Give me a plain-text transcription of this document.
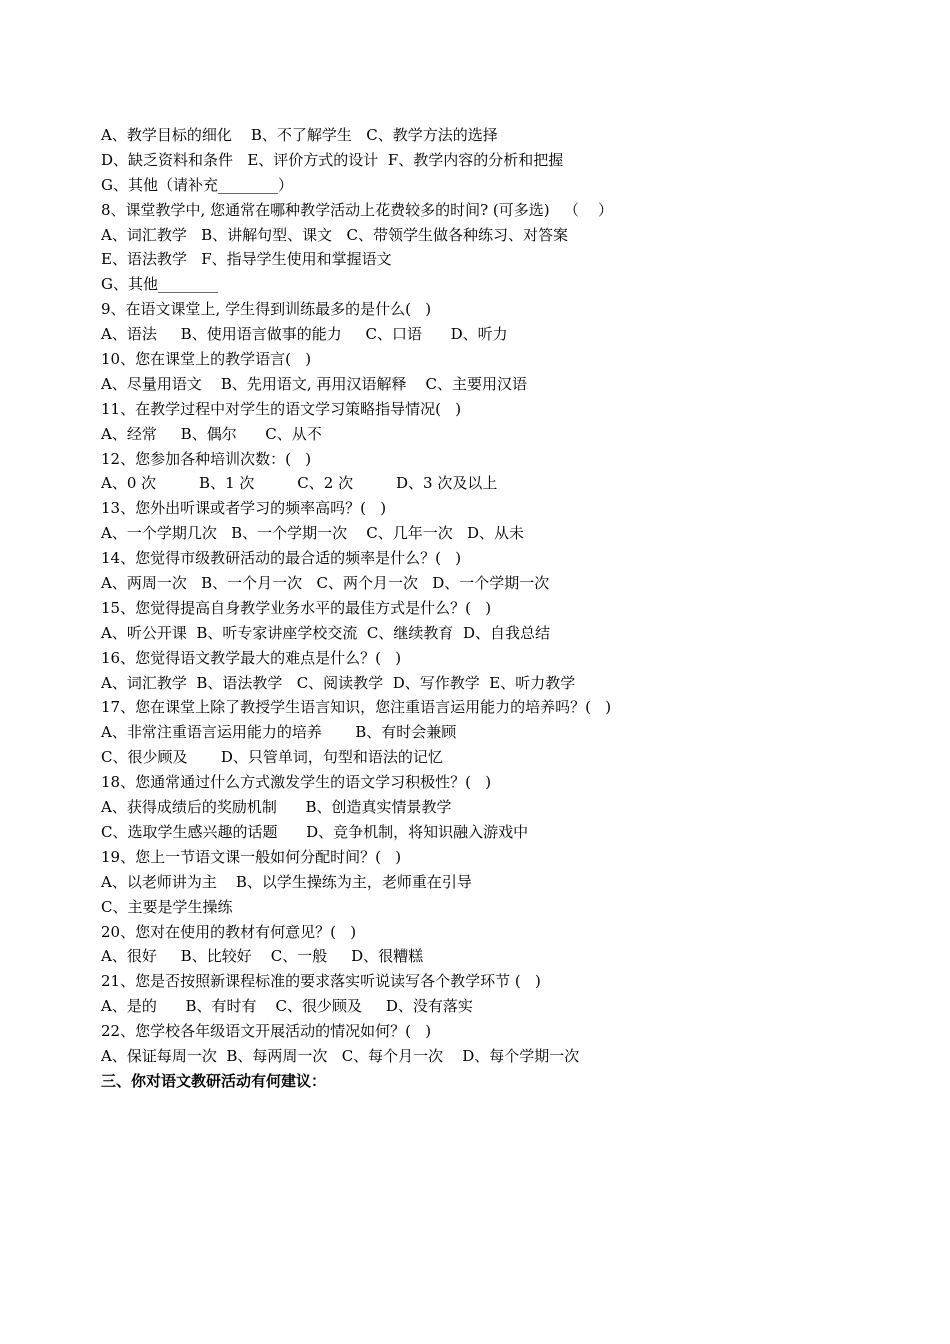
A、教学目标的细化    B、不了解学生   C、教学方法的选择
D、缺乏资料和条件   E、评价方式的设计  F、教学内容的分析和把握
G、其他（请补充________）
8、课堂教学中, 您通常在哪种教学活动上花费较多的时间? (可多选)   （    ）
A、词汇教学   B、讲解句型、课文   C、带领学生做各种练习、对答案
E、语法教学   F、指导学生使用和掌握语文
G、其他________
9、在语文课堂上, 学生得到训练最多的是什么(   )
A、语法     B、使用语言做事的能力     C、口语      D、听力
10、您在课堂上的教学语言(   )
A、尽量用语文    B、先用语文, 再用汉语解释    C、主要用汉语
11、在教学过程中对学生的语文学习策略指导情况(   )
A、经常     B、偶尔      C、从不
12、您参加各种培训次数：(   )
A、0 次         B、1 次         C、2 次         D、3 次及以上
13、您外出听课或者学习的频率高吗？(   )
A、一个学期几次   B、一个学期一次    C、几年一次   D、从未
14、您觉得市级教研活动的最合适的频率是什么？(   )
A、两周一次   B、一个月一次   C、两个月一次   D、一个学期一次
15、您觉得提高自身教学业务水平的最佳方式是什么？(   )
A、听公开课  B、听专家讲座学校交流  C、继续教育  D、自我总结
16、您觉得语文教学最大的难点是什么？(   )
A、词汇教学  B、语法教学   C、阅读教学  D、写作教学  E、听力教学
17、您在课堂上除了教授学生语言知识，您注重语言运用能力的培养吗？(   )
A、非常注重语言运用能力的培养       B、有时会兼顾
C、很少顾及       D、只管单词，句型和语法的记忆
18、您通常通过什么方式激发学生的语文学习积极性？(   )
A、获得成绩后的奖励机制      B、创造真实情景教学
C、选取学生感兴趣的话题      D、竞争机制，将知识融入游戏中
19、您上一节语文课一般如何分配时间？(   )
A、以老师讲为主    B、以学生操练为主，老师重在引导
C、主要是学生操练
20、您对在使用的教材有何意见？(   )
A、很好     B、比较好    C、一般     D、很糟糕
21、您是否按照新课程标准的要求落实听说读写各个教学环节 (   )
A、是的      B、有时有    C、很少顾及     D、没有落实
22、您学校各年级语文开展活动的情况如何？(   )
A、保证每周一次  B、每两周一次   C、每个月一次    D、每个学期一次
三、你对语文教研活动有何建议：
